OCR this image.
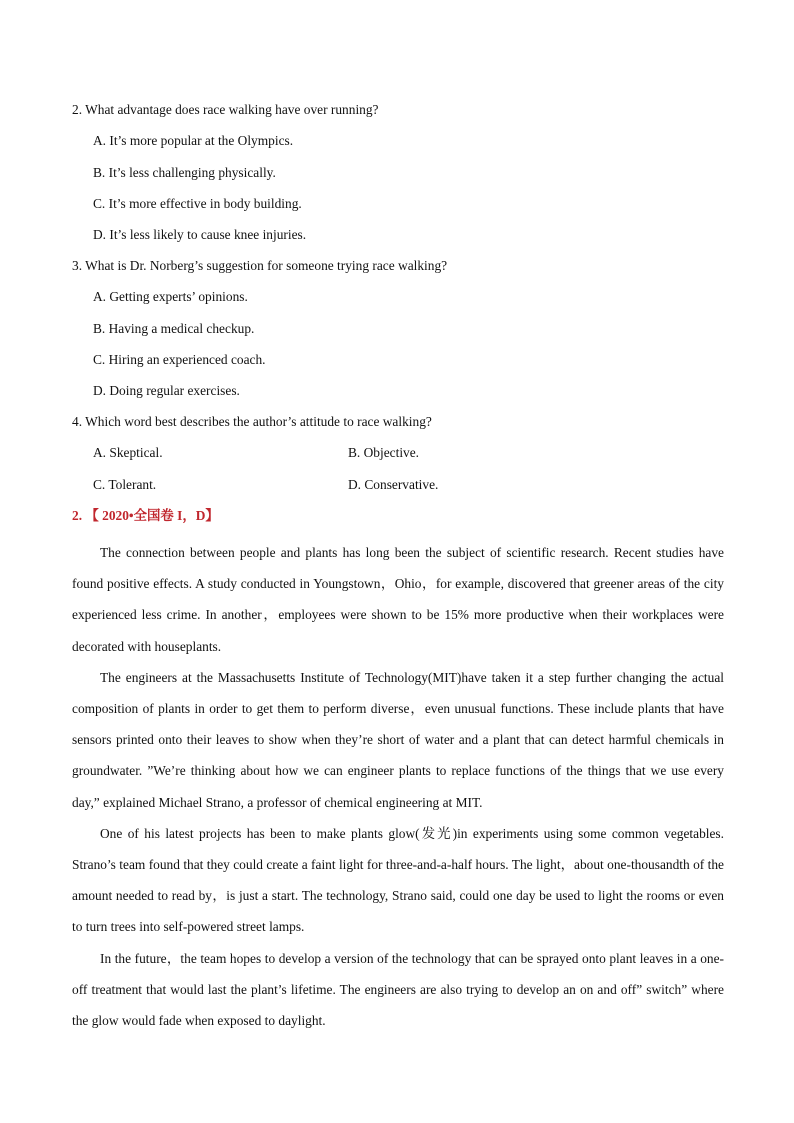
2. What advantage does race walking have over running?
A. It’s more popular at the Olympics.
B. It’s less challenging physically.
C. It’s more effective in body building.
D. It’s less likely to cause knee injuries.
3. What is Dr. Norberg’s suggestion for someone trying race walking?
A. Getting experts’ opinions.
B. Having a medical checkup.
C. Hiring an experienced coach.
D. Doing regular exercises.
4. Which word best describes the author’s attitude to race walking?
A. Skeptical.	B. Objective.
C. Tolerant.	D. Conservative.
2. 【 2020•全国卷 I，D】

The connection between people and plants has long been the subject of scientific research. Recent studies have found positive effects. A study conducted in Youngstown，Ohio，for example, discovered that greener areas of the city experienced less crime. In another，employees were shown to be 15% more productive when their workplaces were decorated with houseplants.

The engineers at the Massachusetts Institute of Technology(MIT)have taken it a step further changing the actual composition of plants in order to get them to perform diverse，even unusual functions. These include plants that have sensors printed onto their leaves to show when they’re short of water and a plant that can detect harmful chemicals in groundwater. ”We’re thinking about how we can engineer plants to replace functions of the things that we use every day,” explained Michael Strano, a professor of chemical engineering at MIT.

One of his latest projects has been to make plants glow(发光)in experiments using some common vegetables. Strano’s team found that they could create a faint light for three-and-a-half hours. The light，about one-thousandth of the amount needed to read by，is just a start. The technology, Strano said, could one day be used to light the rooms or even to turn trees into self-powered street lamps.

In the future，the team hopes to develop a version of the technology that can be sprayed onto plant leaves in a one-off treatment that would last the plant’s lifetime. The engineers are also trying to develop an on and off” switch” where the glow would fade when exposed to daylight.
